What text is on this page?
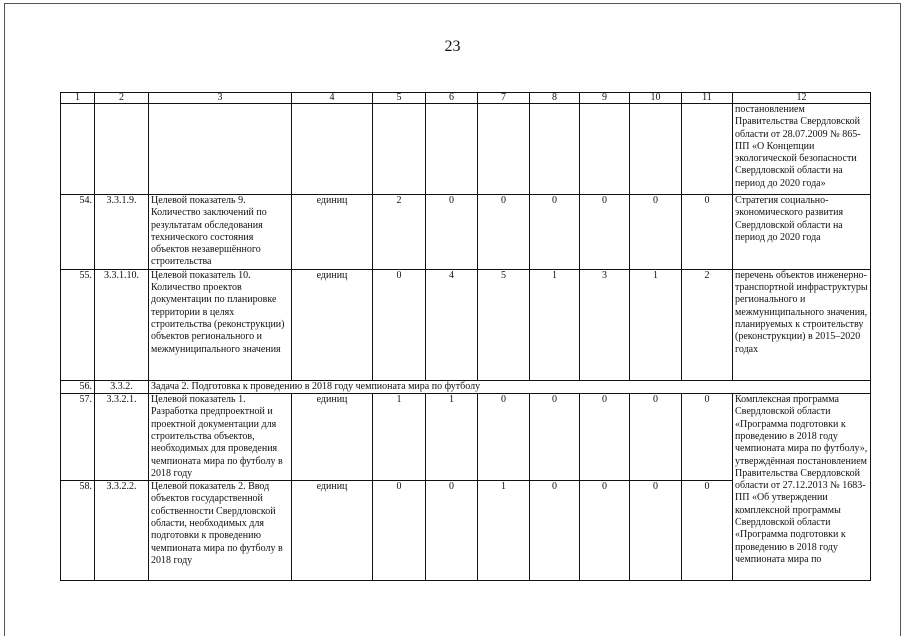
23
1	2	3	4	5	6	7	8	9	10	11	12
											постановлением Правительства Свердловской области от 28.07.2009 № 865-ПП «О Концепции экологической безопасности Свердловской области на период до 2020 года»
54.	3.3.1.9.	Целевой показатель 9. Количество заключений по результатам обследования технического состояния объектов незавершённого строительства	единиц	2	0	0	0	0	0	0	Стратегия социально-экономического развития Свердловской области на период до 2020 года
55.	3.3.1.10.	Целевой показатель 10. Количество проектов документации по планировке территории в целях строительства (реконструкции) объектов регионального и межмуниципального значения	единиц	0	4	5	1	3	1	2	перечень объектов инженерно-транспортной инфраструктуры регионального и межмуниципального значения, планируемых к строительству (реконструкции) в 2015–2020 годах
56.	3.3.2.	Задача 2. Подготовка к проведению в 2018 году чемпионата мира по футболу									
57.	3.3.2.1.	Целевой показатель 1. Разработка предпроектной и проектной документации для строительства объектов, необходимых для проведения чемпионата мира по футболу в 2018 году	единиц	1	1	0	0	0	0	0	Комплексная программа Свердловской области «Программа подготовки к проведению в 2018 году чемпионата мира по футболу», утверждённая постановлением Правительства Свердловской области от 27.12.2013 № 1683-ПП «Об утверждении комплексной программы Свердловской области «Программа подготовки к проведению в 2018 году чемпионата мира по
58.	3.3.2.2.	Целевой показатель 2. Ввод объектов государственной собственности Свердловской области, необходимых для подготовки к проведению чемпионата мира по футболу в 2018 году	единиц	0	0	1	0	0	0	0	
